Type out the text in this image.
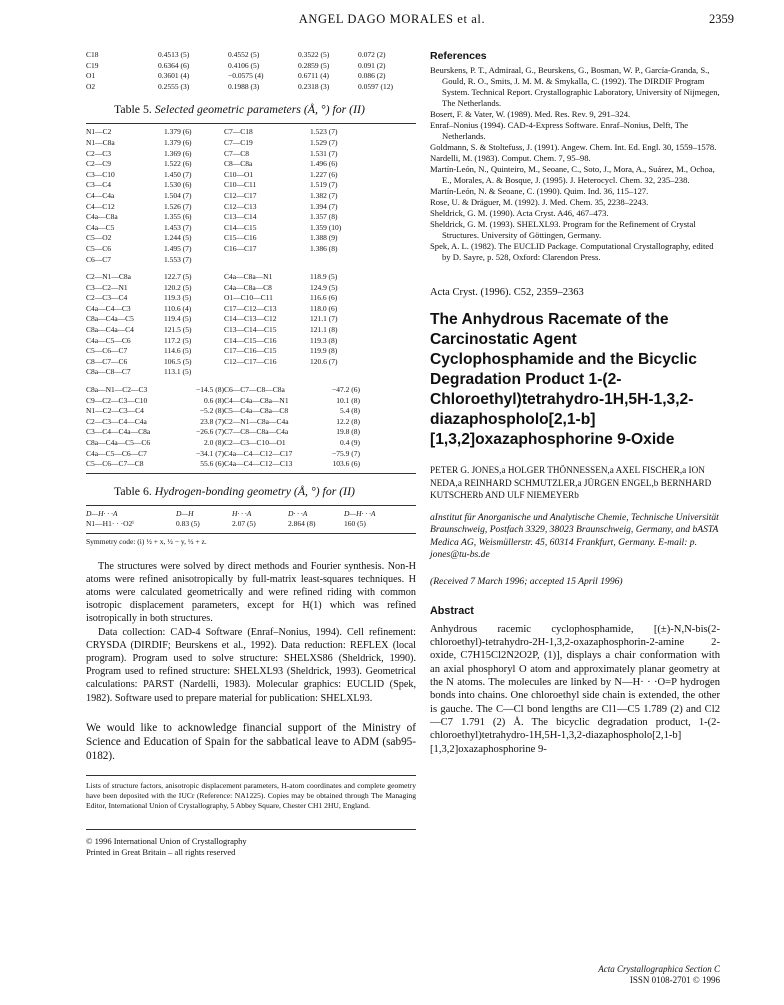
ANGEL DAGO MORALES et al.	2359
C18	0.4513 (5)	0.4552 (5)	0.3522 (5)	0.072 (2)
C19	0.6364 (6)	0.4106 (5)	0.2859 (5)	0.091 (2)
O1	0.3601 (4)	−0.0575 (4)	0.6711 (4)	0.086 (2)
O2	0.2555 (3)	0.1988 (3)	0.2318 (3)	0.0597 (12)
Table 5. Selected geometric parameters (Å, °) for (II)
N1—C2	1.379 (6)	C7—C18	1.523 (7)
N1—C8a	1.379 (6)	C7—C19	1.529 (7)
C2—C3	1.369 (6)	C7—C8	1.531 (7)
C2—C9	1.522 (6)	C8—C8a	1.496 (6)
C3—C10	1.450 (7)	C10—O1	1.227 (6)
C3—C4	1.530 (6)	C10—C11	1.519 (7)
C4—C4a	1.504 (7)	C12—C17	1.382 (7)
C4—C12	1.526 (7)	C12—C13	1.394 (7)
C4a—C8a	1.355 (6)	C13—C14	1.357 (8)
C4a—C5	1.453 (7)	C14—C15	1.359 (10)
C5—O2	1.244 (5)	C15—C16	1.388 (9)
C5—C6	1.495 (7)	C16—C17	1.386 (8)
C6—C7	1.553 (7)
C2—N1—C8a	122.7 (5)	C4a—C8a—N1	118.9 (5)
C3—C2—N1	120.2 (5)	C4a—C8a—C8	124.9 (5)
C2—C3—C4	119.3 (5)	O1—C10—C11	116.6 (6)
C4a—C4—C3	110.6 (4)	C17—C12—C13	118.0 (6)
C8a—C4a—C5	119.4 (5)	C14—C13—C12	121.1 (7)
C8a—C4a—C4	121.5 (5)	C13—C14—C15	121.1 (8)
C4a—C5—C6	117.2 (5)	C14—C15—C16	119.3 (8)
C5—C6—C7	114.6 (5)	C17—C16—C15	119.9 (8)
C8—C7—C6	106.5 (5)	C12—C17—C16	120.6 (7)
C8a—C8—C7	113.1 (5)
C8a—N1—C2—C3	−14.5 (8) C6—C7—C8—C8a	−47.2 (6)
C9—C2—C3—C10	0.6 (8) C4—C4a—C8a—N1	10.1 (8)
N1—C2—C3—C4	−5.2 (8) C5—C4a—C8a—C8	5.4 (8)
C2—C3—C4—C4a	23.8 (7) C2—N1—C8a—C4a	12.2 (8)
C3—C4—C4a—C8a	−26.6 (7) C7—C8—C8a—C4a	19.8 (8)
C8a—C4a—C5—C6	2.0 (8) C2—C3—C10—O1	0.4 (9)
C4a—C5—C6—C7	−34.1 (7) C4a—C4—C12—C17	−75.9 (7)
C5—C6—C7—C8	55.6 (6) C4a—C4—C12—C13	103.6 (6)
Table 6. Hydrogen-bonding geometry (Å, °) for (II)
D—H· · ·A	D—H	H· · ·A	D· · ·A	D—H· · ·A
N1—H1· · ·O2ⁱ	0.83 (5)	2.07 (5)	2.864 (8)	160 (5)
Symmetry code: (i) ½ + x, ½ − y, ½ + z.

The structures were solved by direct methods and Fourier synthesis. Non-H atoms were refined anisotropically by full-matrix least-squares techniques. H atoms were calculated geometrically and were refined riding with common isotropic displacement parameters, except for H(1) which was refined isotropically in both structures.

Data collection: CAD-4 Software (Enraf–Nonius, 1994). Cell refinement: CRYSDA (DIRDIF; Beurskens et al., 1992). Data reduction: REFLEX (local program). Program used to solve structure: SHELXS86 (Sheldrick, 1990). Program used to refined structure: SHELXL93 (Sheldrick, 1993). Geometrical calculations: PARST (Nardelli, 1983). Molecular graphics: EUCLID (Spek, 1982). Software used to prepare material for publication: SHELXL93.

We would like to acknowledge financial support of the Ministry of Science and Education of Spain for the sabbatical leave to ADM (sab95-0182).
Lists of structure factors, anisotropic displacement parameters, H-atom coordinates and complete geometry have been deposited with the IUCr (Reference: NA1225). Copies may be obtained through The Managing Editor, International Union of Crystallography, 5 Abbey Square, Chester CH1 2HU, England.
© 1996 International Union of Crystallography
Printed in Great Britain – all rights reserved
References
Beurskens, P. T., Admiraal, G., Beurskens, G., Bosman, W. P., García-Granda, S., Gould, R. O., Smits, J. M. M. & Smykalla, C. (1992). The DIRDIF Program System. Technical Report. Crystallographic Laboratory, University of Nijmegen, The Netherlands.
Bosert, F. & Vater, W. (1989). Med. Res. Rev. 9, 291–324.
Enraf–Nonius (1994). CAD-4-Express Software. Enraf–Nonius, Delft, The Netherlands.
Goldmann, S. & Stoltefuss, J. (1991). Angew. Chem. Int. Ed. Engl. 30, 1559–1578.
Nardelli, M. (1983). Comput. Chem. 7, 95–98.
Martín-León, N., Quinteiro, M., Seoane, C., Soto, J., Mora, A., Suárez, M., Ochoa, E., Morales, A. & Bosque, J. (1995). J. Heterocycl. Chem. 32, 235–238.
Martín-León, N. & Seoane, C. (1990). Quim. Ind. 36, 115–127.
Rose, U. & Dräguer, M. (1992). J. Med. Chem. 35, 2238–2243.
Sheldrick, G. M. (1990). Acta Cryst. A46, 467–473.
Sheldrick, G. M. (1993). SHELXL93. Program for the Refinement of Crystal Structures. University of Göttingen, Germany.
Spek, A. L. (1982). The EUCLID Package. Computational Crystallography, edited by D. Sayre, p. 528, Oxford: Clarendon Press.
Acta Cryst. (1996). C52, 2359–2363
The Anhydrous Racemate of the Carcinostatic Agent Cyclophosphamide and the Bicyclic Degradation Product 1-(2-Chloroethyl)tetrahydro-1H,5H-1,3,2-diazaphospholo[2,1-b][1,3,2]oxazaphosphorine 9-Oxide
PETER G. JONES,a HOLGER THÖNNESSEN,a AXEL FISCHER,a ION NEDA,a REINHARD SCHMUTZLER,a JÜRGEN ENGEL,b BERNHARD KUTSCHERb AND ULF NIEMEYERb
aInstitut für Anorganische und Analytische Chemie, Technische Universität Braunschweig, Postfach 3329, 38023 Braunschweig, Germany, and bASTA Medica AG, Weismüllerstr. 45, 60314 Frankfurt, Germany. E-mail: p. jones@tu-bs.de
(Received 7 March 1996; accepted 15 April 1996)
Abstract
Anhydrous racemic cyclophosphamide, [(±)-N,N-bis(2-chloroethyl)-tetrahydro-2H-1,3,2-oxazaphosphorin-2-amine 2-oxide, C7H15Cl2N2O2P, (1)], displays a chair conformation with an axial phosphoryl O atom and approximately planar geometry at the N atoms. The molecules are linked by N—H· · ·O=P hydrogen bonds into chains. One chloroethyl side chain is extended, the other is gauche. The C—Cl bond lengths are Cl1—C5 1.789 (2) and Cl2—C7 1.791 (2) Å. The bicyclic degradation product, 1-(2-chloroethyl)tetrahydro-1H,5H-1,3,2-diazaphospholo[2,1-b][1,3,2]oxazaphosphorine 9-
Acta Crystallographica Section C
ISSN 0108-2701 © 1996
